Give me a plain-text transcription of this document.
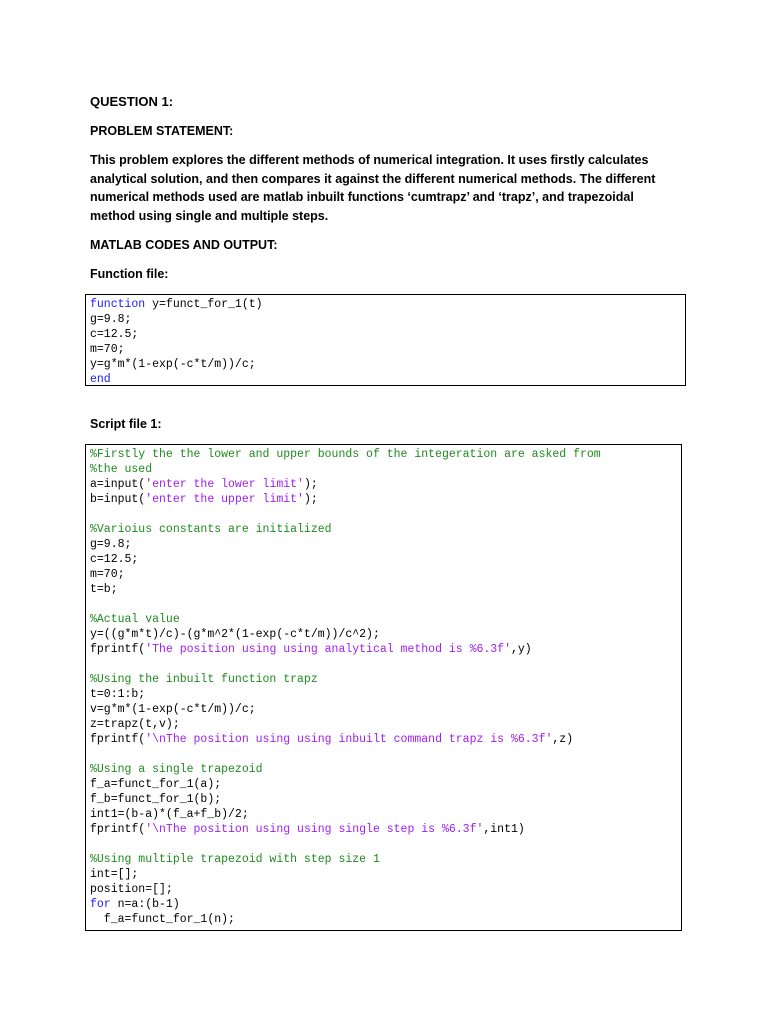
QUESTION 1:

PROBLEM STATEMENT:

This problem explores the different methods of numerical integration. It uses firstly calculates analytical solution, and then compares it against the different numerical methods. The different numerical methods used are matlab inbuilt functions ‘cumtrapz’ and ‘trapz’, and trapezoidal method using single and multiple steps.

MATLAB CODES AND OUTPUT:

Function file:

function y=funct_for_1(t)
g=9.8;
c=12.5;
m=70;
y=g*m*(1-exp(-c*t/m))/c;
end

Script file 1:

%Firstly the the lower and upper bounds of the integeration are asked from
%the used
a=input('enter the lower limit');
b=input('enter the upper limit');
%Varioius constants are initialized
g=9.8;
c=12.5;
m=70;
t=b;
%Actual value
y=((g*m*t)/c)-(g*m^2*(1-exp(-c*t/m))/c^2);
fprintf('The position using using analytical method is %6.3f',y)
%Using the inbuilt function trapz
t=0:1:b;
v=g*m*(1-exp(-c*t/m))/c;
z=trapz(t,v);
fprintf('\nThe position using using inbuilt command trapz is %6.3f',z)
%Using a single trapezoid
f_a=funct_for_1(a);
f_b=funct_for_1(b);
int1=(b-a)*(f_a+f_b)/2;
fprintf('\nThe position using using single step is %6.3f',int1)
%Using multiple trapezoid with step size 1
int=[];
position=[];
for n=a:(b-1)
f_a=funct_for_1(n);
